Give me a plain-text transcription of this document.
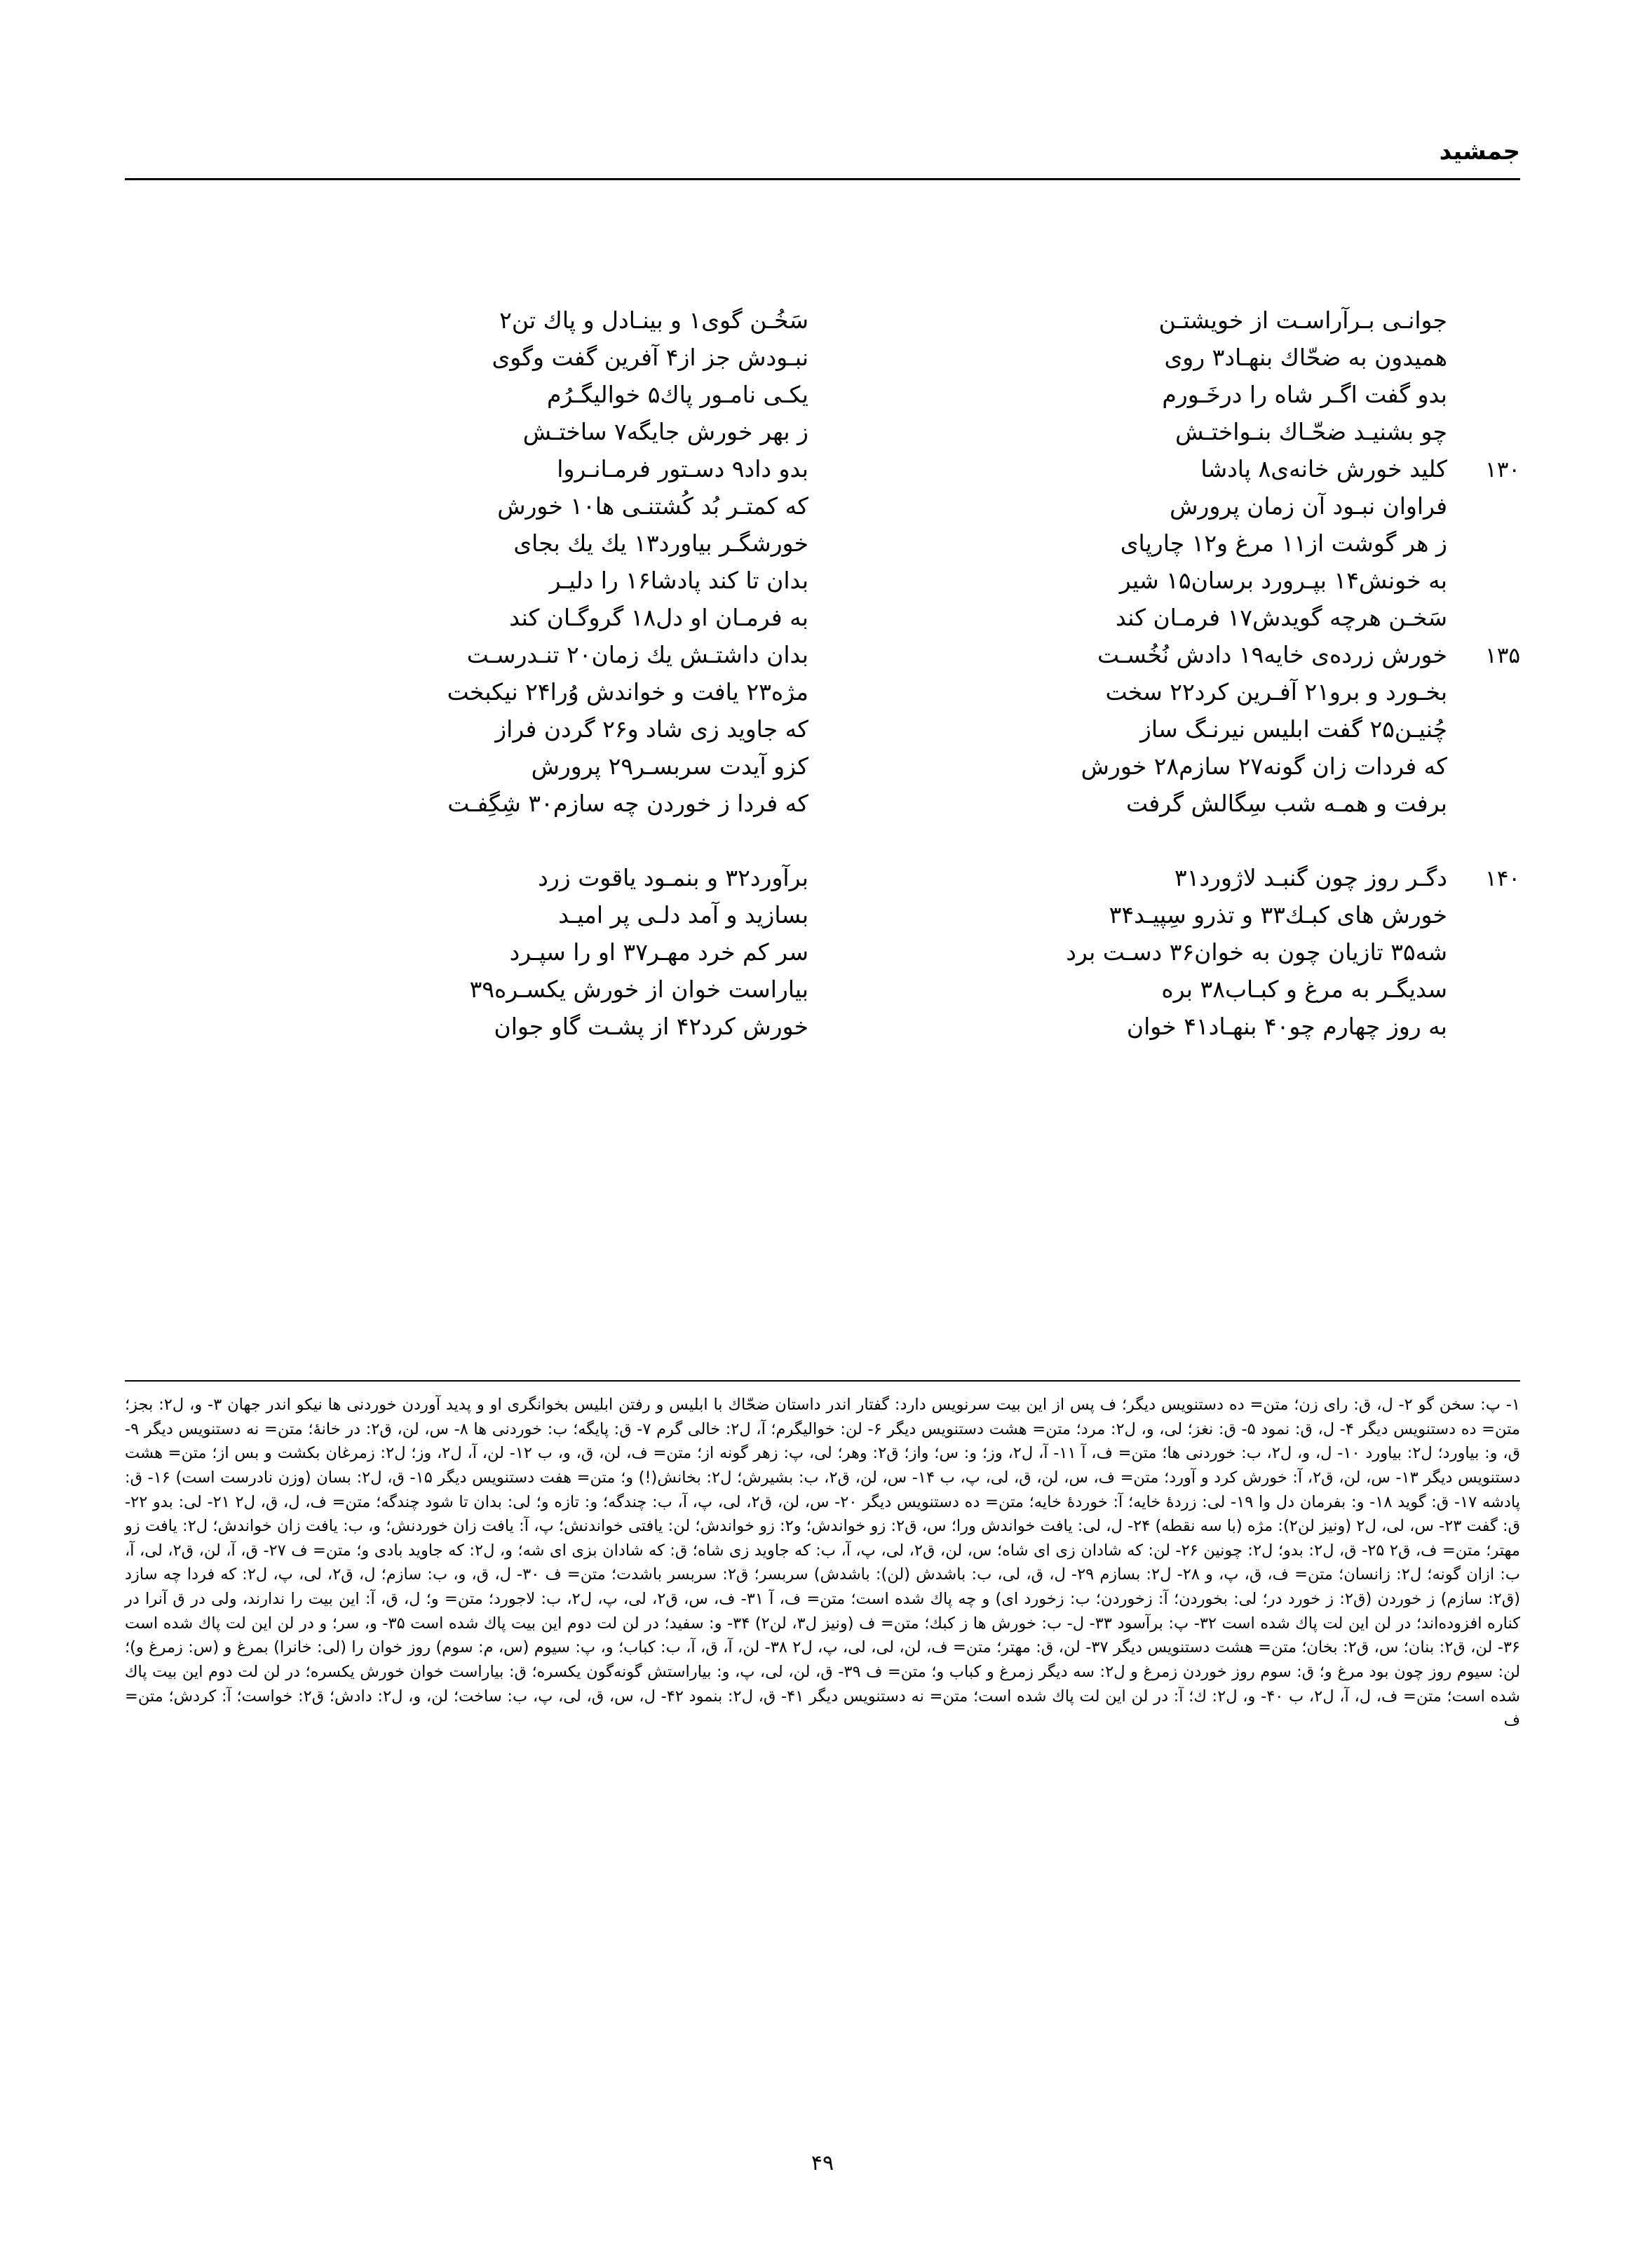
جمشید
جوانـى بـرآراسـت از خویشتـن
همیدون به ضحّاك بنهـاد۳ روى
بدو گفت اگـر شاه را درخَـورم
چو بشنیـد ضحّـاك بنـواختـش
۱۳۰
كلید خورش خانه‌ى۸ پادشا
فراوان نبـود آن زمان پرورش
ز هر گوشت از۱۱ مرغ و۱۲ چارپاى
به خونش۱۴ بپـرورد برسان۱۵ شیر
سَخـن هرچه گویدش۱۷ فرمـان كند
۱۳۵
خورش زرده‌ى خایه۱۹ دادش نُخُسـت
بخـورد و برو۲۱ آفـرین كرد۲۲ سخت
چُنیـن۲۵ گفت ابلیس نیرنـگ ساز
كه فردات زان گونه۲۷ سازم۲۸ خورش
برفت و همـه شب سِگالش گرفت
۱۴۰
دگـر روز چون گنبـد لاژورد۳۱
خورش هاى كبـك۳۳ و تذرو سِپیـد۳۴
شه۳۵ تازیان چون به خوان۳۶ دسـت برد
سدیگـر به مرغ و كبـاب۳۸ بره
به روز چهارم چو۴۰ بنهـاد۴۱ خوان
سَخُـن گوى۱ و بینـادل و پاك تن۲
نبـودش جز از۴ آفرین گفت وگوى
یكـى نامـور پاك۵ خوالیگـرُم
ز بهر خورش جایگه۷ ساختـش
بدو داد۹ دسـتور فرمـانـروا
كه كمتـر بُد كُشتنـى ها۱۰ خورش
خورشگـر بیاورد۱۳ یك یك بجاى
بدان تا كند پادشا۱۶ را دلیـر
به فرمـان او دل۱۸ گروگـان كند
بدان داشتـش یك زمان۲۰ تنـدرسـت
مژه۲۳ یافت و خواندش وُرا۲۴ نیكبخت
كه جاوید زى شاد و۲۶ گردن فراز
كزو آیدت سربسـر۲۹ پرورش
كه فردا ز خوردن چه سازم۳۰ شِگِفـت
برآورد۳۲ و بنمـود یاقوت زرد
بسازید و آمد دلـى پر امیـد
سر كم خرد مهـر۳۷ او را سپـرد
بیاراست خوان از خورش یكسـره۳۹
خورش كرد۴۲ از پشـت گاو جوان

۱- پ: سخن گو ۲- ل، ق: راى زن؛ متن= ده دستنویس دیگر؛ ف پس از این بیت سرنویس دارد: گفتار اندر داستان ضحّاك با ابلیس و رفتن ابلیس بخوانگرى او و پدید آوردن خوردنى ها نیكو اندر جهان ۳- و، ل۲: بجز؛ متن= ده دستنویس دیگر ۴- ل، ق: نمود ۵- ق: نغز؛ لى، و، ل۲: مرد؛ متن= هشت دستنویس دیگر ۶- لن: خوالیگرم؛ آ، ل۲: خالى گرم ۷- ق: پایگه؛ ب: خوردنى ها ۸- س، لن، ق۲: در خانهٔ؛ متن= نه دستنویس دیگر ۹- ق، و: بیاورد؛ ل۲: بیاورد ۱۰- ل، و، ل۲، ب: خوردنى ها؛ متن= ف، آ ۱۱- آ، ل۲، وز؛ و: س؛ واز؛ ق۲: وهر؛ لى، پ: زهر گونه از؛ متن= ف، لن، ق، و، ب ۱۲- لن، آ، ل۲، وز؛ ل۲: زمرغان بكشت و بس از؛ متن= هشت دستنویس دیگر ۱۳- س، لن، ق۲، آ: خورش كرد و آورد؛ متن= ف، س، لن، ق، لى، پ، ب ۱۴- س، لن، ق۲، ب: بشیرش؛ ل۲: بخانش(!) و؛ متن= هفت دستنویس دیگر ۱۵- ق، ل۲: بسان (وزن نادرست است) ۱۶- ق: پادشه ۱۷- ق: گوید ۱۸- و: بفرمان دل وا ۱۹- لى: زردهٔ خایه؛ آ: خوردهٔ خایه؛ متن= ده دستنویس دیگر ۲۰- س، لن، ق۲، لى، پ، آ، ب: چندگه؛ و: تازه و؛ لى: بدان تا شود چندگه؛ متن= ف، ل، ق، ل۲ ۲۱- لى: بدو ۲۲- ق: گفت ۲۳- س، لى، ل۲ (ونیز لن۲): مژه (با سه نقطه) ۲۴- ل، لى: یافت خواندش ورا؛ س، ق۲: زو خواندش؛ و۲: زو خواندش؛ لن: یافتى خواندنش؛ پ، آ: یافت زان خوردنش؛ و، ب: یافت زان خواندش؛ ل۲: یافت زو مهتر؛ متن= ف، ق۲ ۲۵- ق، ل۲: بدو؛ ل۲: چونین ۲۶- لن: كه شادان زى اى شاه؛ س، لن، ق۲، لى، پ، آ، ب: كه جاوید زى شاه؛ ق: كه شادان بزى اى شه؛ و، ل۲: كه جاوید بادى و؛ متن= ف ۲۷- ق، آ، لن، ق۲، لى، آ، ب: ازان گونه؛ ل۲: زانسان؛ متن= ف، ق، پ، و ۲۸- ل۲: بسازم ۲۹- ل، ق، لى، ب: باشدش (لن): باشدش) سربسر؛ ق۲: سربسر باشدت؛ متن= ف ۳۰- ل، ق، و، ب: سازم؛ ل، ق۲، لى، پ، ل۲: كه فردا چه سازد (ق۲: سازم) ز خوردن (ق۲: ز خورد در؛ لى: بخوردن؛ آ: زخوردن؛ ب: زخورد اى) و چه پاك شده است؛ متن= ف، آ ۳۱- ف، س، ق۲، لى، پ، ل۲، ب: لاجورد؛ متن= و؛ ل، ق، آ: این بیت را ندارند، ولى در ق آنرا در كناره افزوده‌اند؛ در لن این لت پاك شده است ۳۲- پ: برآسود ۳۳- ل- ب: خورش ها ز كبك؛ متن= ف (ونیز ل۳، لن۲) ۳۴- و: سفید؛ در لن لت دوم این بیت پاك شده است ۳۵- و، سر؛ و در لن این لت پاك شده است ۳۶- لن، ق۲: بنان؛ س، ق۲: بخان؛ متن= هشت دستنویس دیگر ۳۷- لن، ق: مهتر؛ متن= ف، لن، لى، لى، پ، ل۲ ۳۸- لن، آ، ق، آ، ب: كباب؛ و، پ: سیوم (س، م: سوم) روز خوان را (لى: خانرا) بمرغ و (س: زمرغ و)؛ لن: سیوم روز چون بود مرغ و؛ ق: سوم روز خوردن زمرغ و ل۲: سه دیگر زمرغ و كباب و؛ متن= ف ۳۹- ق، لن، لى، پ، و: بیاراستش گونه‌گون یكسره؛ ق: بیاراست خوان خورش یكسره؛ در لن لت دوم این بیت پاك شده است؛ متن= ف، ل، آ، ل۲، ب ۴۰- و، ل۲: ك؛ آ: در لن این لت پاك شده است؛ متن= نه دستنویس دیگر ۴۱- ق، ل۲: بنمود ۴۲- ل، س، ق، لى، پ، ب: ساخت؛ لن، و، ل۲: دادش؛ ق۲: خواست؛ آ: كردش؛ متن= ف

۴۹
